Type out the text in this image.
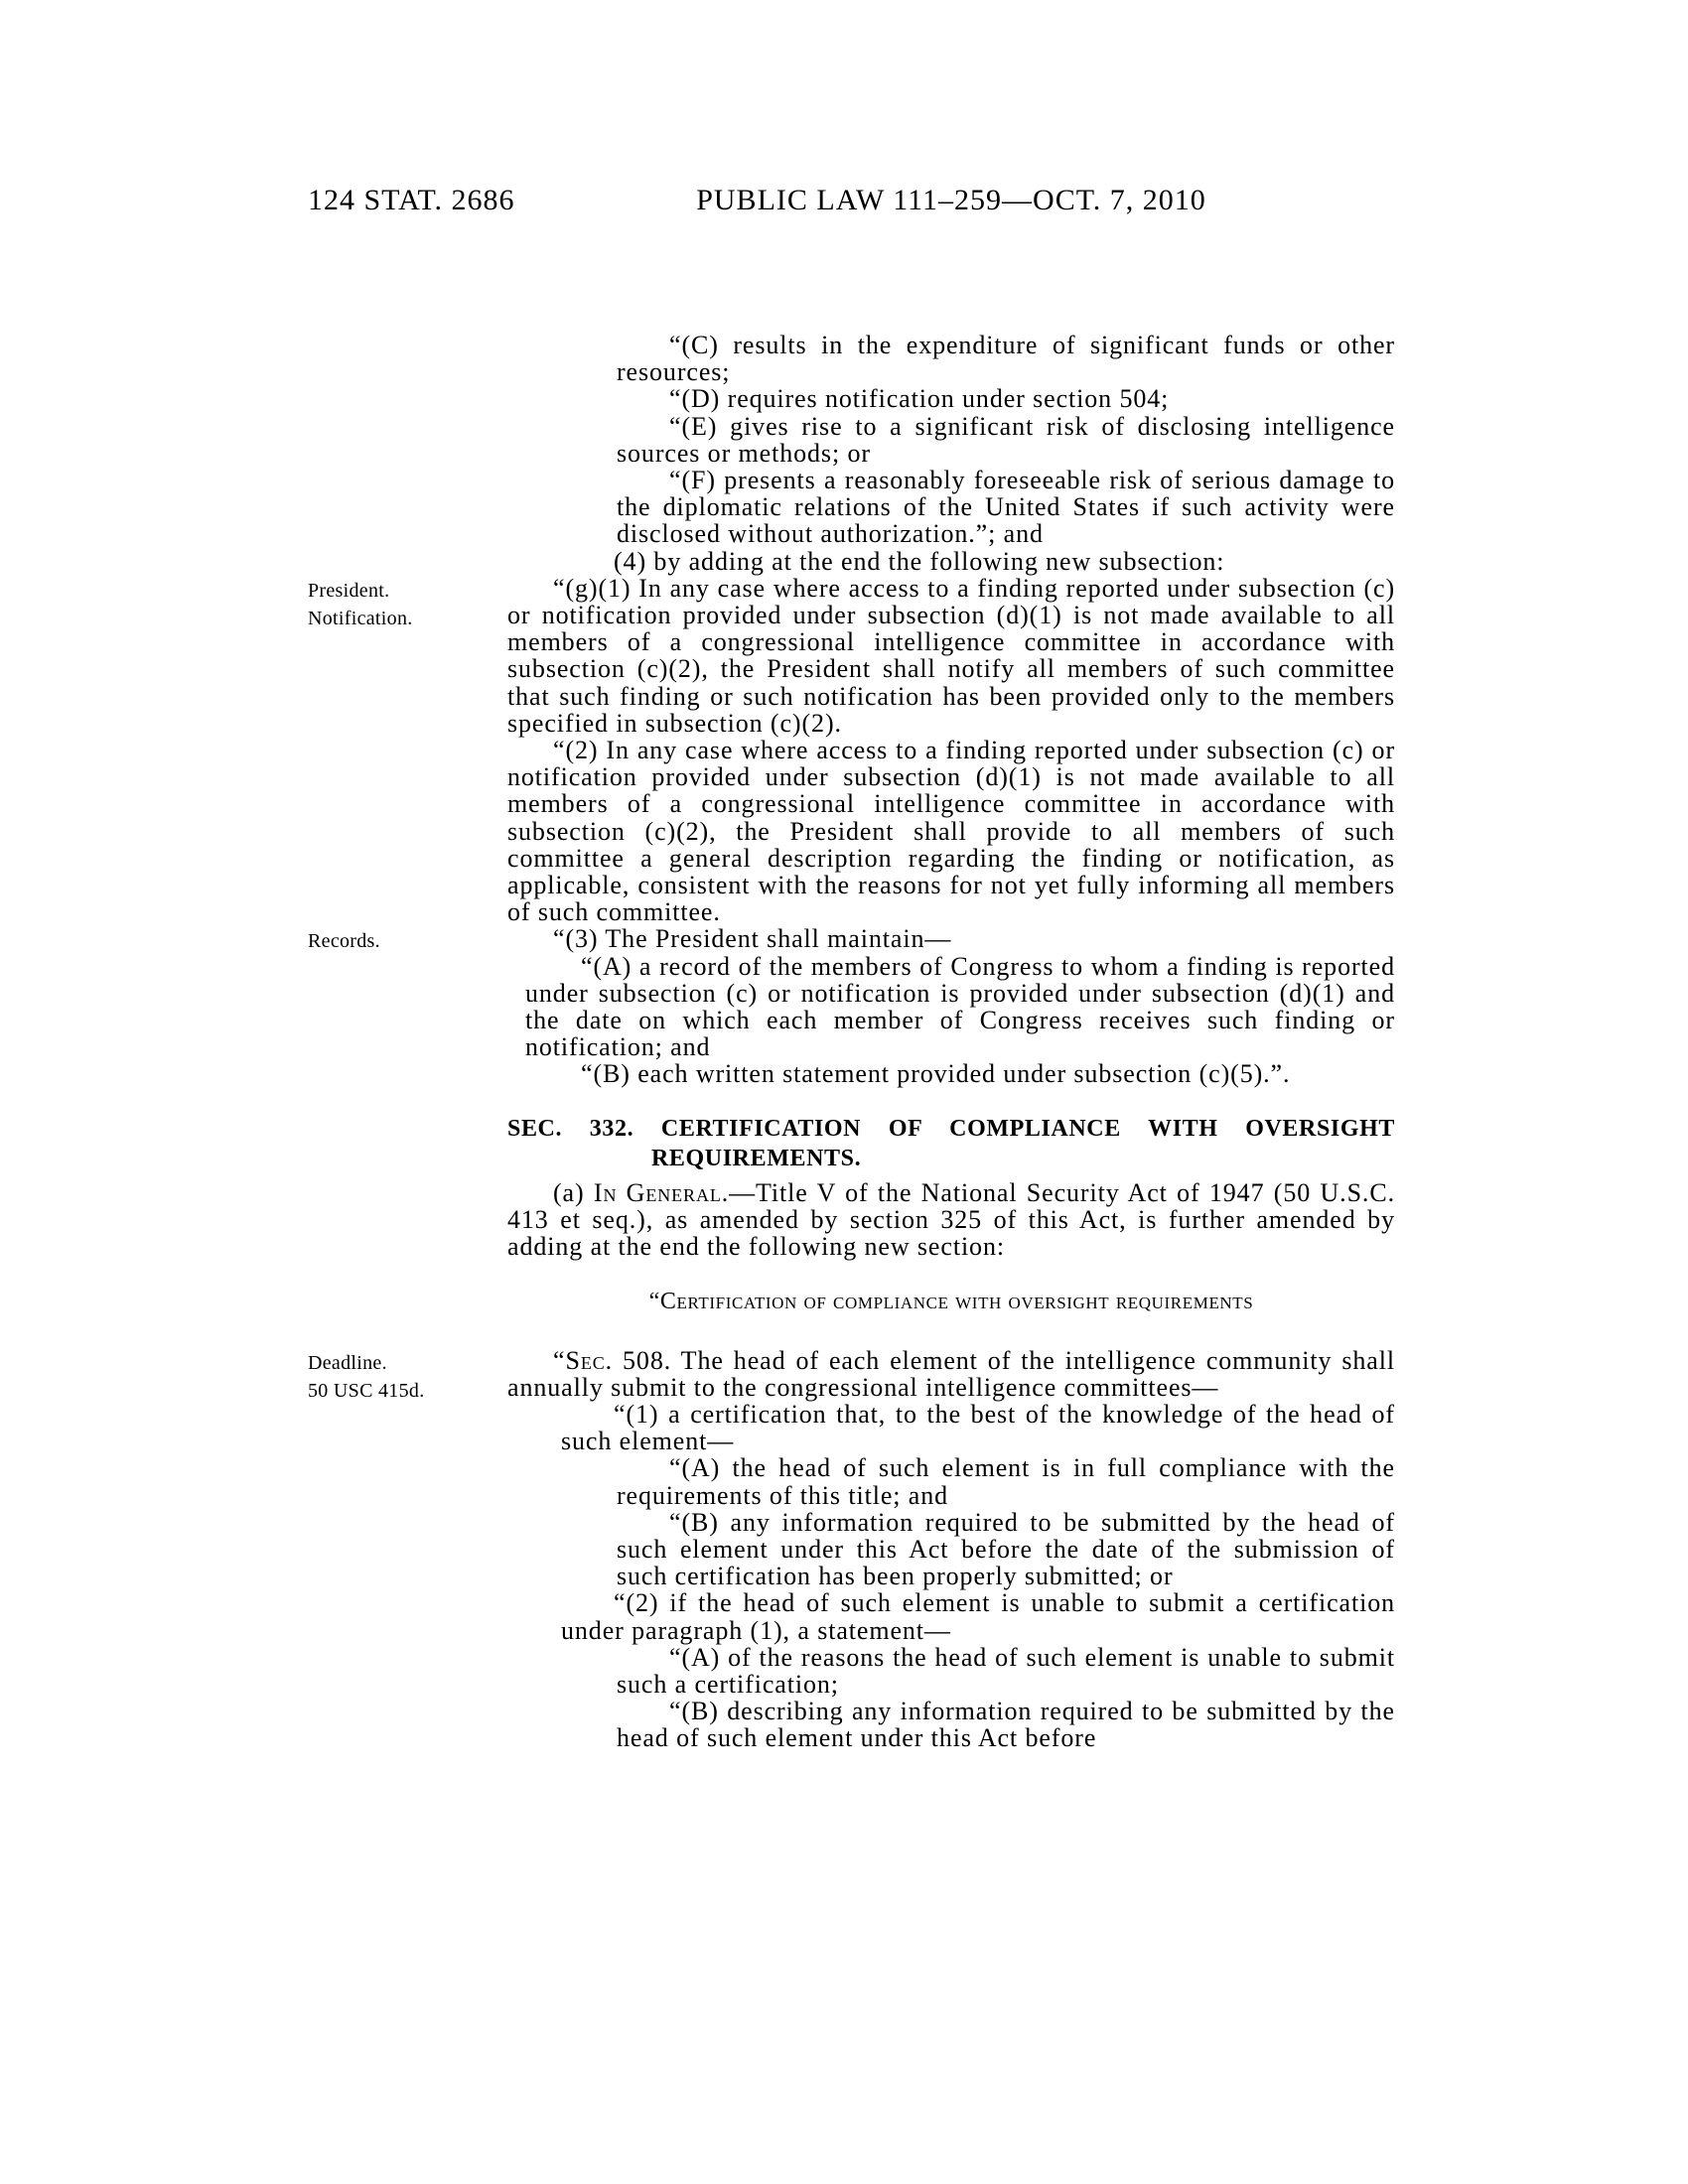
124 STAT. 2686	PUBLIC LAW 111–259—OCT. 7, 2010
“(C) results in the expenditure of significant funds or other resources;
“(D) requires notification under section 504;
“(E) gives rise to a significant risk of disclosing intelligence sources or methods; or
“(F) presents a reasonably foreseeable risk of serious damage to the diplomatic relations of the United States if such activity were disclosed without authorization.”; and
(4) by adding at the end the following new subsection:
“(g)(1) In any case where access to a finding reported under subsection (c) or notification provided under subsection (d)(1) is not made available to all members of a congressional intelligence committee in accordance with subsection (c)(2), the President shall notify all members of such committee that such finding or such notification has been provided only to the members specified in subsection (c)(2).
President.
Notification.
“(2) In any case where access to a finding reported under subsection (c) or notification provided under subsection (d)(1) is not made available to all members of a congressional intelligence committee in accordance with subsection (c)(2), the President shall provide to all members of such committee a general description regarding the finding or notification, as applicable, consistent with the reasons for not yet fully informing all members of such committee.
“(3) The President shall maintain—
Records.
“(A) a record of the members of Congress to whom a finding is reported under subsection (c) or notification is provided under subsection (d)(1) and the date on which each member of Congress receives such finding or notification; and
“(B) each written statement provided under subsection (c)(5).”.
SEC. 332. CERTIFICATION OF COMPLIANCE WITH OVERSIGHT
REQUIREMENTS.
(a) In General.—Title V of the National Security Act of 1947 (50 U.S.C. 413 et seq.), as amended by section 325 of this Act, is further amended by adding at the end the following new section:
“Certification of compliance with oversight requirements
“Sec. 508. The head of each element of the intelligence community shall annually submit to the congressional intelligence committees—
Deadline.
50 USC 415d.
“(1) a certification that, to the best of the knowledge of the head of such element—
“(A) the head of such element is in full compliance with the requirements of this title; and
“(B) any information required to be submitted by the head of such element under this Act before the date of the submission of such certification has been properly submitted; or
“(2) if the head of such element is unable to submit a certification under paragraph (1), a statement—
“(A) of the reasons the head of such element is unable to submit such a certification;
“(B) describing any information required to be submitted by the head of such element under this Act before
